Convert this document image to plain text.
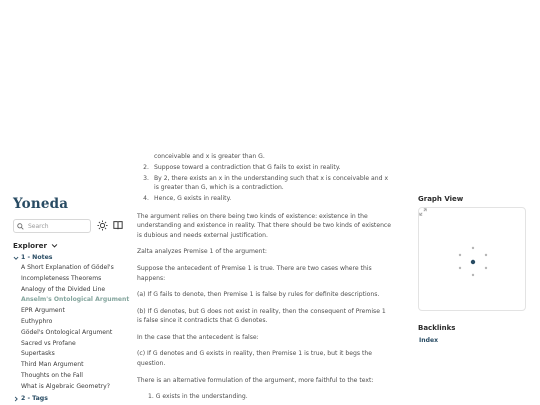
Yoneda
Search
Explorer
1 - Notes
A Short Explanation of Gödel's
Incompleteness Theorems
Analogy of the Divided Line
Anselm's Ontological Argument
EPR Argument
Euthyphro
Gödel's Ontological Argument
Sacred vs Profane
Supertasks
Third Man Argument
Thoughts on the Fall
What is Algebraic Geometry?
2 - Tags
conceivable and x is greater than G.
2. Suppose toward a contradiction that G fails to exist in reality.
3. By 2, there exists an x in the understanding such that x is conceivable and x is greater than G, which is a contradiction.
4. Hence, G exists in reality.

The argument relies on there being two kinds of existence: existence in the understanding and existence in reality. That there should be two kinds of existence is dubious and needs external justification.

Zalta analyzes Premise 1 of the argument:

Suppose the antecedent of Premise 1 is true. There are two cases where this happens:

(a) If G fails to denote, then Premise 1 is false by rules for definite descriptions.

(b) If G denotes, but G does not exist in reality, then the consequent of Premise 1 is false since it contradicts that G denotes.

In the case that the antecedent is false:

(c) If G denotes and G exists in reality, then Premise 1 is true, but it begs the question.

There is an alternative formulation of the argument, more faithful to the text:

1. G exists in the understanding.
Graph View
Backlinks
Index
